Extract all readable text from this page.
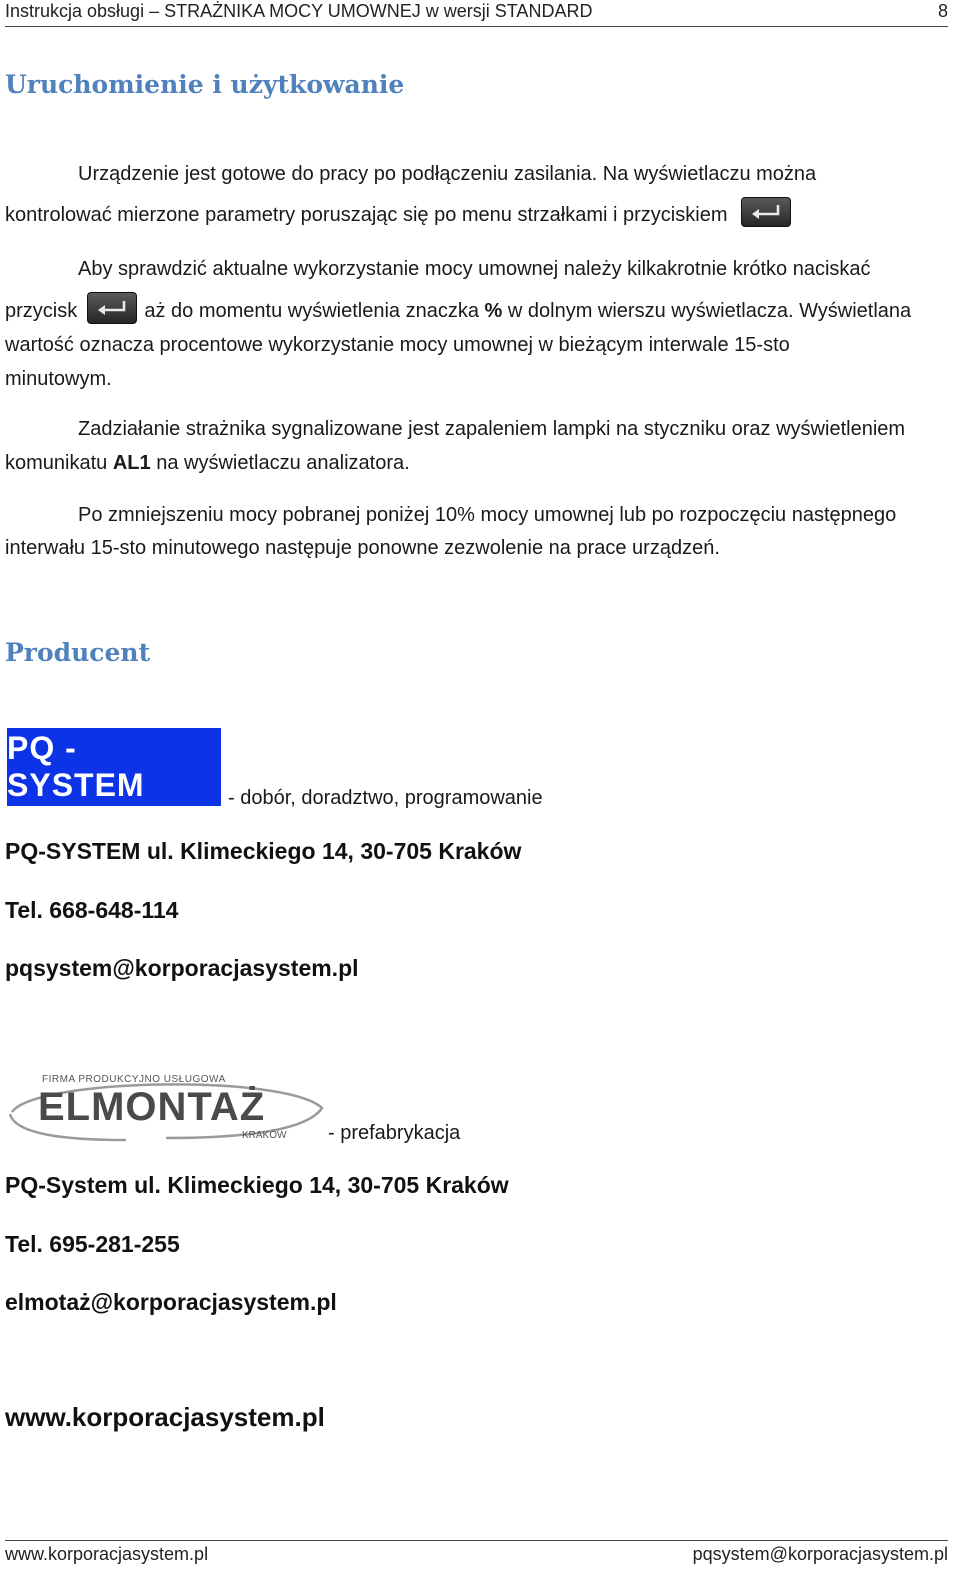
Instrukcja obsługi – STRAŻNIKA MOCY UMOWNEJ w wersji STANDARD	8
Uruchomienie i użytkowanie
Urządzenie jest gotowe do pracy po podłączeniu zasilania. Na wyświetlaczu można
kontrolować mierzone parametry poruszając się po menu strzałkami i przyciskiem
Aby sprawdzić aktualne wykorzystanie mocy umownej należy kilkakrotnie krótko naciskać
przycisk	aż do momentu wyświetlenia znaczka % w dolnym wierszu wyświetlacza. Wyświetlana
wartość oznacza procentowe wykorzystanie mocy umownej w bieżącym interwale 15-sto
minutowym.
Zadziałanie strażnika sygnalizowane jest zapaleniem lampki na styczniku oraz wyświetleniem
komunikatu AL1 na wyświetlaczu analizatora.
Po zmniejszeniu mocy pobranej poniżej 10% mocy umownej lub po rozpoczęciu następnego
interwału 15-sto minutowego następuje ponowne zezwolenie na prace urządzeń.
Producent
PQ - SYSTEM	- dobór, doradztwo, programowanie
PQ-SYSTEM ul. Klimeckiego 14, 30-705 Kraków
Tel. 668-648-114
pqsystem@korporacjasystem.pl
FIRMA PRODUKCYJNO USŁUGOWA
ELMONTAŻ
KRAKÓW - prefabrykacja
PQ-System ul. Klimeckiego 14, 30-705 Kraków
Tel. 695-281-255
elmotaż@korporacjasystem.pl
www.korporacjasystem.pl
www.korporacjasystem.pl	pqsystem@korporacjasystem.pl
